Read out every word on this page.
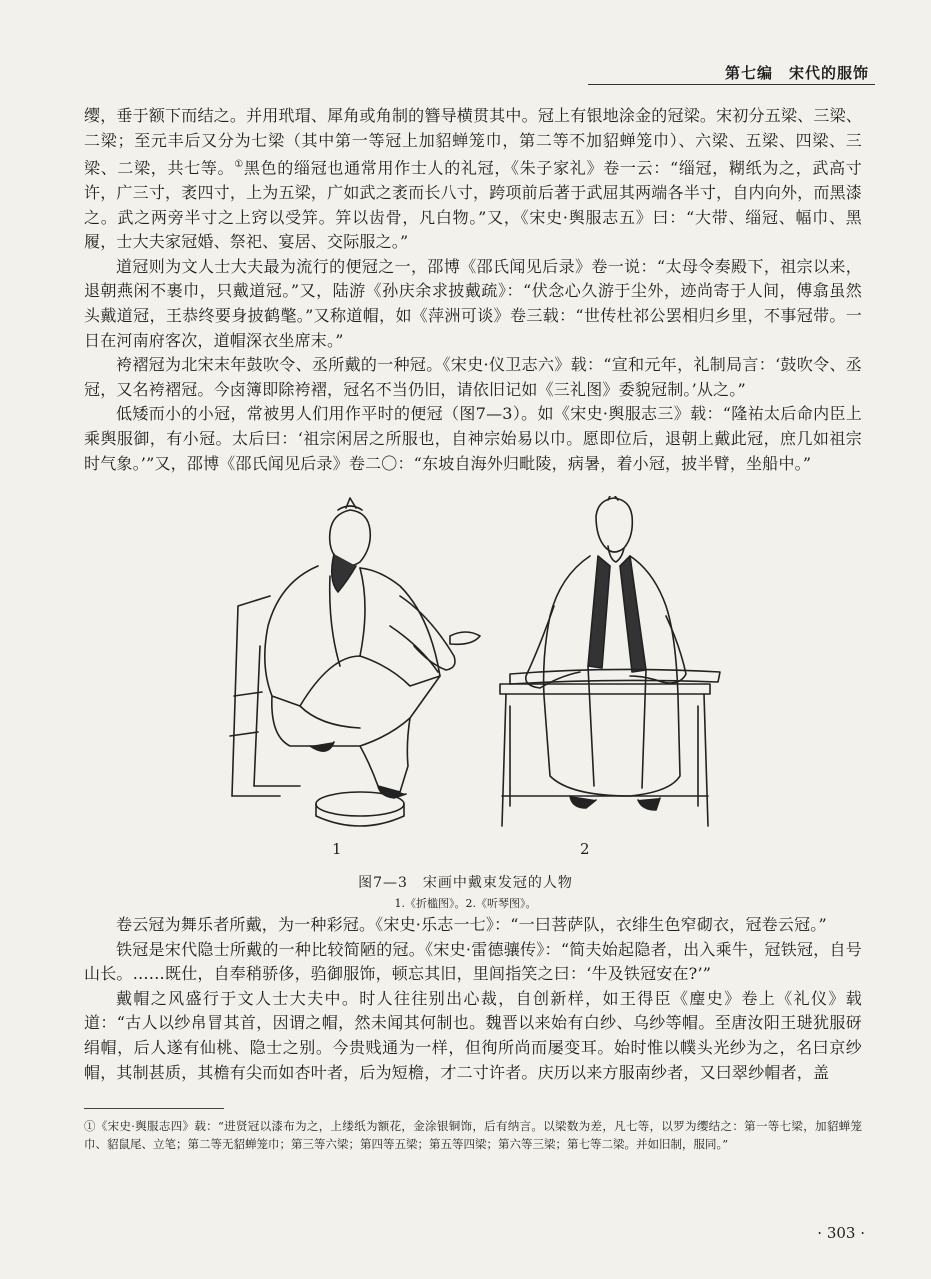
第七编　宋代的服饰

缨，垂于额下而结之。并用玳瑁、犀角或角制的簪导横贯其中。冠上有银地涂金的冠梁。宋初分五梁、三梁、二梁；至元丰后又分为七梁（其中第一等冠上加貂蝉笼巾，第二等不加貂蝉笼巾）、六梁、五梁、四梁、三梁、二梁，共七等。①黑色的缁冠也通常用作士人的礼冠，《朱子家礼》卷一云：“缁冠，糊纸为之，武高寸许，广三寸，袤四寸，上为五梁，广如武之袤而长八寸，跨项前后著于武屈其两端各半寸，自内向外，而黑漆之。武之两旁半寸之上窍以受笄。笄以齿骨，凡白物。”又，《宋史·舆服志五》曰：“大带、缁冠、幅巾、黑履，士大夫家冠婚、祭祀、宴居、交际服之。”

道冠则为文人士大夫最为流行的便冠之一，邵博《邵氏闻见后录》卷一说：“太母令奏殿下，祖宗以来，退朝燕闲不裹巾，只戴道冠。”又，陆游《孙庆余求披戴疏》：“伏念心久游于尘外，迹尚寄于人间，傅翕虽然头戴道冠，王恭终要身披鹤氅。”又称道帽，如《萍洲可谈》卷三载：“世传杜祁公罢相归乡里，不事冠带。一日在河南府客次，道帽深衣坐席末。”

袴褶冠为北宋末年鼓吹令、丞所戴的一种冠。《宋史·仪卫志六》载：“宣和元年，礼制局言：‘鼓吹令、丞冠，又名袴褶冠。今卤簿即除袴褶，冠名不当仍旧，请依旧记如《三礼图》委貌冠制。’从之。”

低矮而小的小冠，常被男人们用作平时的便冠（图7—3）。如《宋史·舆服志三》载：“隆祐太后命内臣上乘舆服御，有小冠。太后曰：‘祖宗闲居之所服也，自神宗始易以巾。愿即位后，退朝上戴此冠，庶几如祖宗时气象。’”又，邵博《邵氏闻见后录》卷二〇：“东坡自海外归毗陵，病暑，着小冠，披半臂，坐船中。”

1	2
图7—3　宋画中戴束发冠的人物
1.《折槛图》。2.《听琴图》。

卷云冠为舞乐者所戴，为一种彩冠。《宋史·乐志一七》：“一曰菩萨队，衣绯生色窄砌衣，冠卷云冠。”

铁冠是宋代隐士所戴的一种比较简陋的冠。《宋史·雷德骧传》：“简夫始起隐者，出入乘牛，冠铁冠，自号山长。……既仕，自奉稍骄侈，驺御服饰，顿忘其旧，里闾指笑之曰：‘牛及铁冠安在?’”

戴帽之风盛行于文人士大夫中。时人往往别出心裁，自创新样，如王得臣《麈史》卷上《礼仪》载道：“古人以纱帛冒其首，因谓之帽，然未闻其何制也。魏晋以来始有白纱、乌纱等帽。至唐汝阳王琎犹服砑绢帽，后人遂有仙桃、隐士之别。今贵贱通为一样，但徇所尚而屡变耳。始时惟以幞头光纱为之，名曰京纱帽，其制甚质，其檐有尖而如杏叶者，后为短檐，才二寸许者。庆历以来方服南纱者，又曰翠纱帽者，盖

①《宋史·舆服志四》载：“进贤冠以漆布为之，上缕纸为额花，金涂银铜饰，后有纳言。以梁数为差，凡七等，以罗为缨结之：第一等七梁，加貂蝉笼巾、貂鼠尾、立笔；第二等无貂蝉笼巾；第三等六梁；第四等五梁；第五等四梁；第六等三梁；第七等二梁。并如旧制，服同。”
· 303 ·
